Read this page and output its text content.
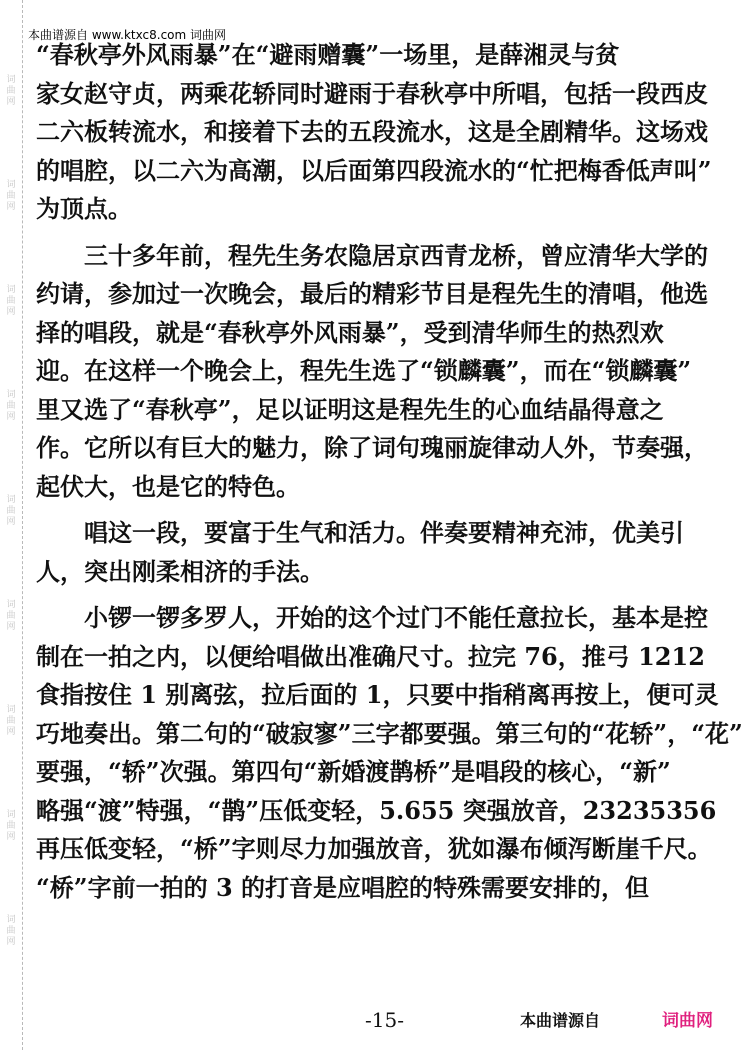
词曲网
词曲网
词曲网
词曲网
词曲网
词曲网
词曲网
词曲网
词曲网
本曲谱源自 www.ktxc8.com 词曲网

“春秋亭外风雨暴”在“避雨赠囊”一场里，是薛湘灵与贫

家女赵守贞，两乘花轿同时避雨于春秋亭中所唱，包括一段西皮

二六板转流水，和接着下去的五段流水，这是全剧精华。这场戏

的唱腔，以二六为高潮，以后面第四段流水的“忙把梅香低声叫”

为顶点。

三十多年前，程先生务农隐居京西青龙桥，曾应清华大学的

约请，参加过一次晚会，最后的精彩节目是程先生的清唱，他选

择的唱段，就是“春秋亭外风雨暴”，受到清华师生的热烈欢

迎。在这样一个晚会上，程先生选了“锁麟囊”，而在“锁麟囊”

里又选了“春秋亭”，足以证明这是程先生的心血结晶得意之

作。它所以有巨大的魅力，除了词句瑰丽旋律动人外，节奏强，

起伏大，也是它的特色。

唱这一段，要富于生气和活力。伴奏要精神充沛，优美引

人，突出刚柔相济的手法。

小锣一锣多罗人，开始的这个过门不能任意拉长，基本是控

制在一拍之内，以便给唱做出准确尺寸。拉完 76，推弓 1212

食指按住 1 别离弦，拉后面的 1，只要中指稍离再按上，便可灵

巧地奏出。第二句的“破寂寥”三字都要强。第三句的“花轿”，“花”

要强，“轿”次强。第四句“新婚渡鹊桥”是唱段的核心，“新”

略强“渡”特强，“鹊”压低变轻，5.655 突强放音，23235356

再压低变轻，“桥”字则尽力加强放音，犹如瀑布倾泻断崖千尺。

“桥”字前一拍的 3 的打音是应唱腔的特殊需要安排的，但

-15-	本曲谱源自	词曲网
